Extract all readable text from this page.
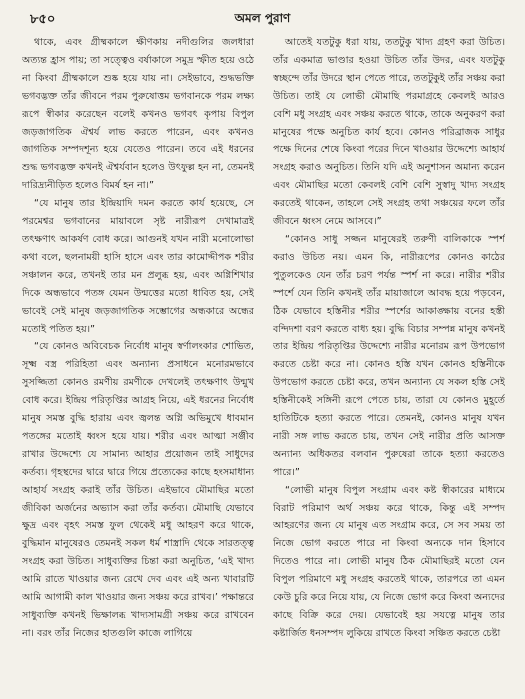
৮৫০	অমল পুরাণ

থাকে, এবং গ্রীষ্মকালে ক্ষীণকায় নদীগুলির জলধারা অত্যন্ত হ্রাস পায়; তা সত্ত্বেও বর্ষাকালে সমুদ্র স্ফীত হয়ে ওঠে না কিংবা গ্রীষ্মকালে শুষ্ক হয়ে যায় না। সেইভাবে, শুদ্ধভক্তি ভগবদ্ভক্ত তাঁর জীবনে পরম পুরুষোত্তম ভগবানকে পরম লক্ষ্য রূপে স্বীকার করেছেন বলেই কখনও ভগবৎ কৃপায় বিপুল জড়জাগতিক ঐশ্বর্য লাভ করতে পারেন, এবং কখনও জাগতিক সম্পদশূন্য হয়ে যেতেও পারেন। তবে এই ধরনের শুদ্ধ ভগবদ্ভক্ত কখনই ঐশ্বর্যবান হলেও উৎফুল্ল হন না, তেমনই দারিদ্র্যনীড়িত হলেও বিমর্ষ হন না।”

“যে মানুষ তার ইন্দ্রিয়াদি দমন করতে কার্য হয়েছে, সে পরমেশ্বর ভগবানের মায়াবলে সৃষ্ট নারীরূপ দেখামাত্রই তৎক্ষণাৎ আকর্ষণ বোধ করে। আগুনই যখন নারী মনোলোভা কথা বলে, ছলনাময়ী হাসি হাসে এবং তার কামোদ্দীপক শরীর সঞ্চালন করে, তখনই তার মন প্রলুব্ধ হয়, এবং অগ্নিশিখার দিকে অন্ধভাবে পতঙ্গ যেমন উন্মত্তের মতো ধাবিত হয়, সেই ভাবেই সেই মানুষ জড়জাগতিক সম্ভোগের অন্ধকারে অন্ধের মতোই পতিত হয়।”

“যে কোনও অবিবেচক নির্বোধ মানুষ স্বর্ণালংকার শোভিত, সূক্ষ্ম বস্ত্র পরিহিতা এবং অন্যান্য প্রসাধনে মনোরমভাবে সুসজ্জিতা কোনও রমণীয় রমণীকে দেখলেই তৎক্ষণাৎ উন্মুখ বোধ করে। ইন্দ্রিয় পরিতৃপ্তির আগ্রহ নিয়ে, এই ধরনের নির্বোধ মানুষ সমস্ত বুদ্ধি হারায় এবং জ্বলন্ত অগ্নি অভিমুখে ধাবমান পতঙ্গের মতোই ধ্বংস হয়ে যায়। শরীর এবং আত্মা সঞ্জীব রাখার উদ্দেশ্যে যে সামান্য আহার প্রয়োজন তাই সাধুদের কর্তব্য। গৃহস্থদের দ্বারে দ্বারে গিয়ে প্রত্যেকের কাছে হংসমাধান্য আহার্য সংগ্রহ করাই তাঁর উচিত। এইভাবে মৌমাছির মতো জীবিকা অর্জনের অভ্যাস করা তাঁর কর্তব্য। মৌমাছি যেভাবে ক্ষুদ্র এবং বৃহৎ সমস্ত ফুল থেকেই মধু আহরণ করে থাকে, বুদ্ধিমান মানুষেরও তেমনই সকল ধর্ম শাস্ত্রাদি থেকে সারতত্ত্ব সংগ্রহ করা উচিত। সাধুব্যক্তির চিন্তা করা অনুচিত, ‘এই খাদ্য আমি রাতে খাওয়ার জন্য রেখে দেব এবং এই অন্য খাবারটি আমি আগামী কাল খাওয়ার জন্য সঞ্চয় করে রাখব।’ পক্ষান্তরে সাধুব্যক্তি কখনই ভিক্ষালব্ধ খাদ্যসামগ্রী সঞ্চয় করে রাখবেন না। বরং তাঁর নিজের হাতগুলি কাজে লাগিয়ে

আতেই যতটুকু ধরা যায়, ততটুকু খাদ্য গ্রহণ করা উচিত। তাঁর একমাত্র ভাণ্ডার হওয়া উচিত তাঁর উদর, এবং যতটুকু স্বচ্ছন্দে তাঁর উদরে স্থান পেতে পারে, ততটুকুই তাঁর সঞ্চয় করা উচিত। তাই যে লোভী মৌমাছি পরমাগ্রহে কেবলই আরও বেশি মধু সংগ্রহ এবং সঞ্চয় করতে থাকে, তাকে অনুকরণ করা মানুষের পক্ষে অনুচিত কার্য হবে। কোনও পরিব্রাজক সাধুর পক্ষে দিনের শেষে কিংবা পরের দিনে খাওয়ার উদ্দেশ্যে আহার্য সংগ্রহ করাও অনুচিত। তিনি যদি এই অনুশাসন অমান্য করেন এবং মৌমাছির মতো কেবলই বেশি বেশি সুস্বাদু খাদ্য সংগ্রহ করতেই থাকেন, তাহলে সেই সংগ্রহ তথা সঞ্চয়ের ফলে তাঁর জীবনে ধ্বংস নেমে আসবে।”

“কোনও সাধু সজ্জন মানুষেরই তরুণী বালিকাকে স্পর্শ করাও উচিত নয়। এমন কি, নারীরূপের কোনও কাঠের পুতুলকেও যেন তাঁর চরণ পর্যন্ত স্পর্শ না করে। নারীর শরীর স্পর্শে যেন তিনি কখনই তাঁর মায়াজালে আবদ্ধ হয়ে পড়বেন, ঠিক যেভাবে হস্তিনীর শরীর স্পর্শের আকাঙ্ক্ষায় বনের হস্তী বন্দিদশা বরণ করতে বাধ্য হয়। বুদ্ধি বিচার সম্পন্ন মানুষ কখনই তার ইন্দ্রিয় পরিতৃপ্তির উদ্দেশ্যে নারীর মনোরম রূপ উপভোগ করতে চেষ্টা করে না। কোনও হস্তি যখন কোনও হস্তিনীকে উপভোগ করতে চেষ্টা করে, তখন অন্যান্য যে সকল হস্তি সেই হস্তিনীকেই সঙ্গিনী রূপে পেতে চায়, তারা যে কোনও মুহূর্তে হাতিটিকে হত্যা করতে পারে। তেমনই, কোনও মানুষ যখন নারী সঙ্গ লাভ করতে চায়, তখন সেই নারীর প্রতি আসক্ত অন্যান্য অধিকতর বলবান পুরুষেরা তাকে হত্যা করতেও পারে।”

“লোভী মানুষ বিপুল সংগ্রাম এবং কষ্ট স্বীকারের মাধ্যমে বিরাট পরিমাণ অর্থ সঞ্চয় করে থাকে, কিন্তু এই সম্পদ আহরণের জন্য যে মানুষ এত সংগ্রাম করে, সে সব সময় তা নিজে ভোগ করতে পারে না কিংবা অন্যকে দান হিসাবে দিতেও পারে না। লোভী মানুষ ঠিক মৌমাছিরই মতো যেন বিপুল পরিমাণে মধু সংগ্রহ করতেই থাকে, তারপরে তা এমন কেউ চুরি করে নিয়ে যায়, যে নিজে ভোগ করে কিংবা অন্যদের কাছে বিক্রি করে দেয়। যেভাবেই হয় সযত্নে মানুষ তার কষ্টার্জিত ধনসম্পদ লুকিয়ে রাখতে কিংবা সঞ্চিত করতে চেষ্টা
